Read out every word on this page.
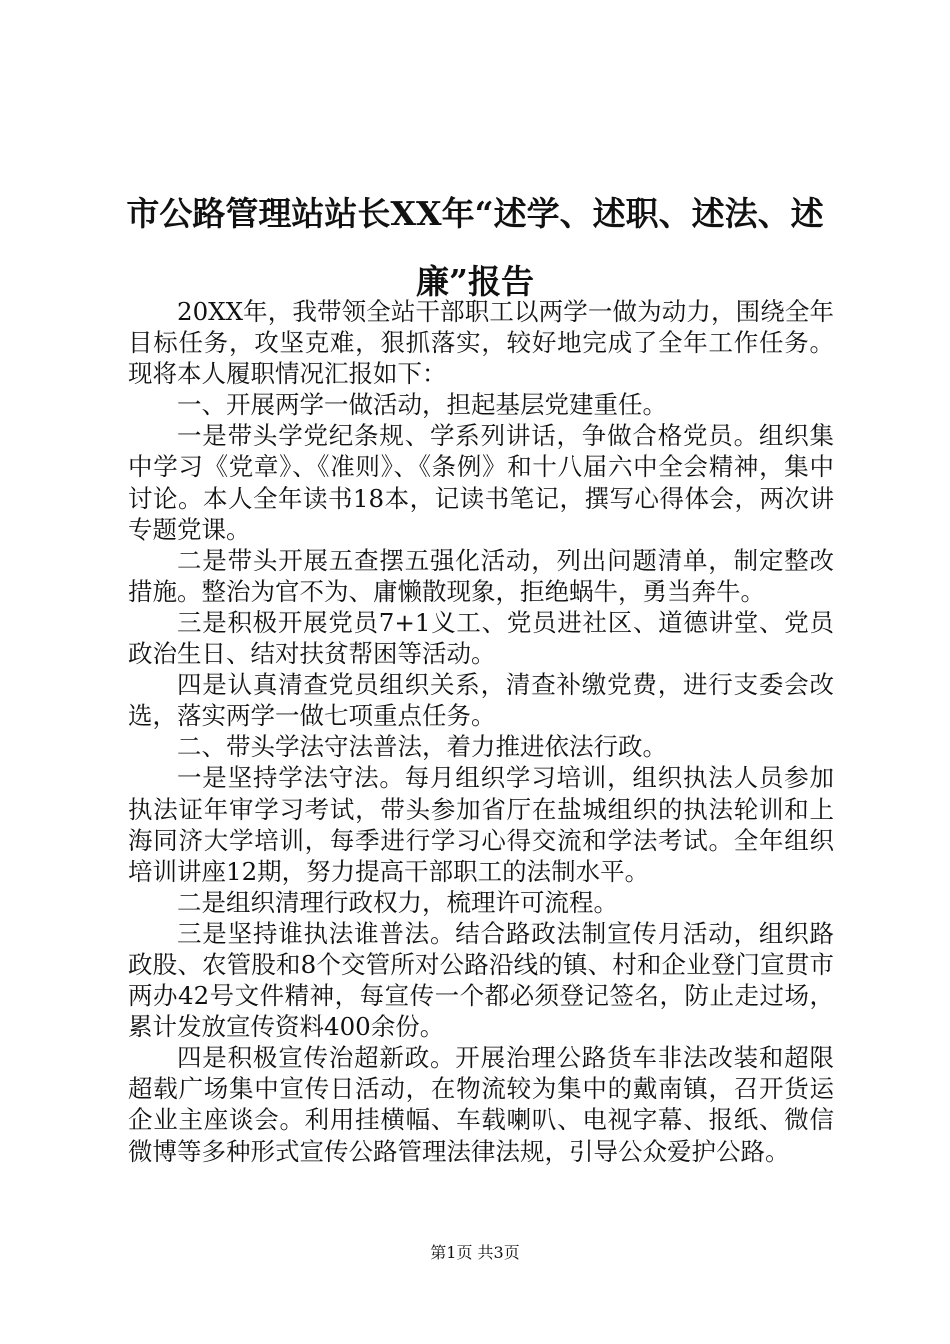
市公路管理站站长XX年“述学、述职、述法、述廉”报告

20XX年，我带领全站干部职工以两学一做为动力，围绕全年目标任务，攻坚克难，狠抓落实，较好地完成了全年工作任务。现将本人履职情况汇报如下：

一、开展两学一做活动，担起基层党建重任。

一是带头学党纪条规、学系列讲话，争做合格党员。组织集中学习《党章》、《准则》、《条例》和十八届六中全会精神，集中讨论。本人全年读书18本，记读书笔记，撰写心得体会，两次讲专题党课。

二是带头开展五查摆五强化活动，列出问题清单，制定整改措施。整治为官不为、庸懒散现象，拒绝蜗牛，勇当奔牛。

三是积极开展党员7+1义工、党员进社区、道德讲堂、党员政治生日、结对扶贫帮困等活动。

四是认真清查党员组织关系，清查补缴党费，进行支委会改选，落实两学一做七项重点任务。

二、带头学法守法普法，着力推进依法行政。

一是坚持学法守法。每月组织学习培训，组织执法人员参加执法证年审学习考试，带头参加省厅在盐城组织的执法轮训和上海同济大学培训，每季进行学习心得交流和学法考试。全年组织培训讲座12期，努力提高干部职工的法制水平。

二是组织清理行政权力，梳理许可流程。

三是坚持谁执法谁普法。结合路政法制宣传月活动，组织路政股、农管股和8个交管所对公路沿线的镇、村和企业登门宣贯市两办42号文件精神，每宣传一个都必须登记签名，防止走过场，累计发放宣传资料400余份。

四是积极宣传治超新政。开展治理公路货车非法改装和超限超载广场集中宣传日活动，在物流较为集中的戴南镇，召开货运企业主座谈会。利用挂横幅、车载喇叭、电视字幕、报纸、微信微博等多种形式宣传公路管理法律法规，引导公众爱护公路。

第1页 共3页
